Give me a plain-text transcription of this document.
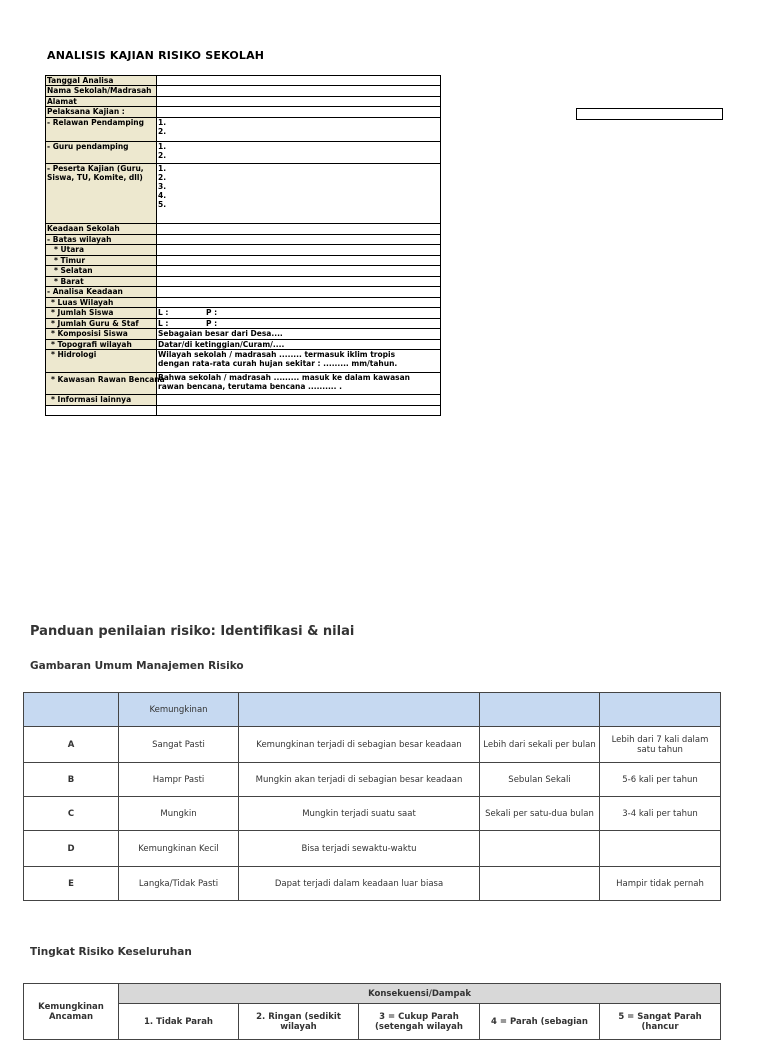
ANALISIS KAJIAN RISIKO SEKOLAH
Tanggal Analisa	
Nama Sekolah/Madrasah	
Alamat	
Pelaksana Kajian :	
- Relawan Pendamping	1.
2.

- Guru pendamping	1.
2.

- Peserta Kajian (Guru, Siswa, TU, Komite, dll)	1.
2.
3.
4.
5.

Keadaan Sekolah	
- Batas wilayah	
* Utara	
* Timur	
* Selatan	
* Barat	
- Analisa Keadaan	
* Luas Wilayah	
* Jumlah Siswa	L : P :
* Jumlah Guru & Staf	L : P :
* Komposisi Siswa	Sebagaian besar dari Desa....
* Topografi wilayah	Datar/di ketinggian/Curam/....
* Hidrologi	Wilayah sekolah / madrasah ........ termasuk iklim tropis
dengan rata-rata curah hujan sekitar : ......... mm/tahun.

* Kawasan Rawan Bencana	Bahwa sekolah / madrasah ......... masuk ke dalam kawasan
rawan bencana, terutama bencana .......... .

* Informasi lainnya	

Panduan penilaian risiko: Identifikasi & nilai
Gambaran Umum Manajemen Risiko
	Kemungkinan			
A	Sangat Pasti	Kemungkinan terjadi di sebagian besar keadaan	Lebih dari sekali per bulan	Lebih dari 7 kali dalam satu tahun
B	Hampr Pasti	Mungkin akan terjadi di sebagian besar keadaan	Sebulan Sekali	5-6 kali per tahun
C	Mungkin	Mungkin terjadi suatu saat	Sekali per satu-dua bulan	3-4 kali per tahun
D	Kemungkinan Kecil	Bisa terjadi sewaktu-waktu		
E	Langka/Tidak Pasti	Dapat terjadi dalam keadaan luar biasa		Hampir tidak pernah
Tingkat Risiko Keseluruhan
Kemungkinan Ancaman	Konsekuensi/Dampak				
	1. Tidak Parah	2. Ringan (sedikit wilayah	3 = Cukup Parah (setengah wilayah	4 = Parah (sebagian	5 = Sangat Parah (hancur
